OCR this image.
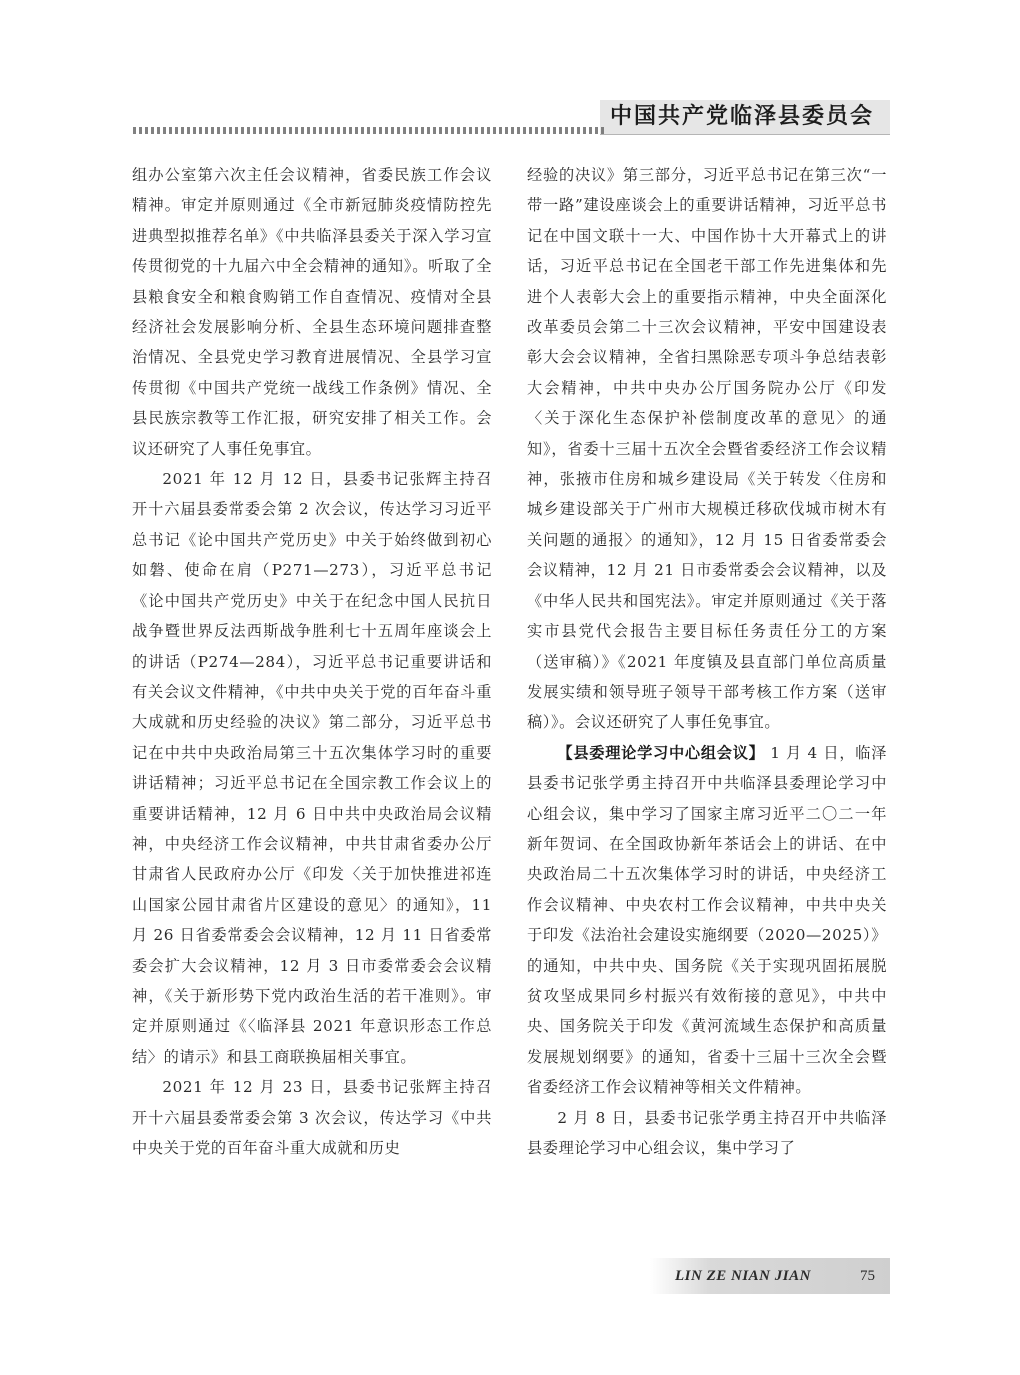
中国共产党临泽县委员会

组办公室第六次主任会议精神，省委民族工作会议精神。审定并原则通过《全市新冠肺炎疫情防控先进典型拟推荐名单》《中共临泽县委关于深入学习宣传贯彻党的十九届六中全会精神的通知》。听取了全县粮食安全和粮食购销工作自查情况、疫情对全县经济社会发展影响分析、全县生态环境问题排查整治情况、全县党史学习教育进展情况、全县学习宣传贯彻《中国共产党统一战线工作条例》情况、全县民族宗教等工作汇报，研究安排了相关工作。会议还研究了人事任免事宜。

2021 年 12 月 12 日，县委书记张辉主持召开十六届县委常委会第 2 次会议，传达学习习近平总书记《论中国共产党历史》中关于始终做到初心如磐、使命在肩（P271—273），习近平总书记《论中国共产党历史》中关于在纪念中国人民抗日战争暨世界反法西斯战争胜利七十五周年座谈会上的讲话（P274—284），习近平总书记重要讲话和有关会议文件精神，《中共中央关于党的百年奋斗重大成就和历史经验的决议》第二部分，习近平总书记在中共中央政治局第三十五次集体学习时的重要讲话精神；习近平总书记在全国宗教工作会议上的重要讲话精神，12 月 6 日中共中央政治局会议精神，中央经济工作会议精神，中共甘肃省委办公厅甘肃省人民政府办公厅《印发〈关于加快推进祁连山国家公园甘肃省片区建设的意见〉的通知》，11 月 26 日省委常委会会议精神，12 月 11 日省委常委会扩大会议精神，12 月 3 日市委常委会会议精神，《关于新形势下党内政治生活的若干准则》。审定并原则通过《〈临泽县 2021 年意识形态工作总结〉的请示》和县工商联换届相关事宜。

2021 年 12 月 23 日，县委书记张辉主持召开十六届县委常委会第 3 次会议，传达学习《中共中央关于党的百年奋斗重大成就和历史

经验的决议》第三部分，习近平总书记在第三次“一带一路”建设座谈会上的重要讲话精神，习近平总书记在中国文联十一大、中国作协十大开幕式上的讲话，习近平总书记在全国老干部工作先进集体和先进个人表彰大会上的重要指示精神，中央全面深化改革委员会第二十三次会议精神，平安中国建设表彰大会会议精神，全省扫黑除恶专项斗争总结表彰大会精神，中共中央办公厅国务院办公厅《印发〈关于深化生态保护补偿制度改革的意见〉的通知》，省委十三届十五次全会暨省委经济工作会议精神，张掖市住房和城乡建设局《关于转发〈住房和城乡建设部关于广州市大规模迁移砍伐城市树木有关问题的通报〉的通知》，12 月 15 日省委常委会会议精神，12 月 21 日市委常委会会议精神，以及《中华人民共和国宪法》。审定并原则通过《关于落实市县党代会报告主要目标任务责任分工的方案（送审稿）》《2021 年度镇及县直部门单位高质量发展实绩和领导班子领导干部考核工作方案（送审稿）》。会议还研究了人事任免事宜。

【县委理论学习中心组会议】 1 月 4 日，临泽县委书记张学勇主持召开中共临泽县委理论学习中心组会议，集中学习了国家主席习近平二〇二一年新年贺词、在全国政协新年茶话会上的讲话、在中央政治局二十五次集体学习时的讲话，中央经济工作会议精神、中央农村工作会议精神，中共中央关于印发《法治社会建设实施纲要（2020—2025）》的通知，中共中央、国务院《关于实现巩固拓展脱贫攻坚成果同乡村振兴有效衔接的意见》，中共中央、国务院关于印发《黄河流域生态保护和高质量发展规划纲要》的通知，省委十三届十三次全会暨省委经济工作会议精神等相关文件精神。

2 月 8 日，县委书记张学勇主持召开中共临泽县委理论学习中心组会议，集中学习了

LIN ZE NIAN JIAN	75
